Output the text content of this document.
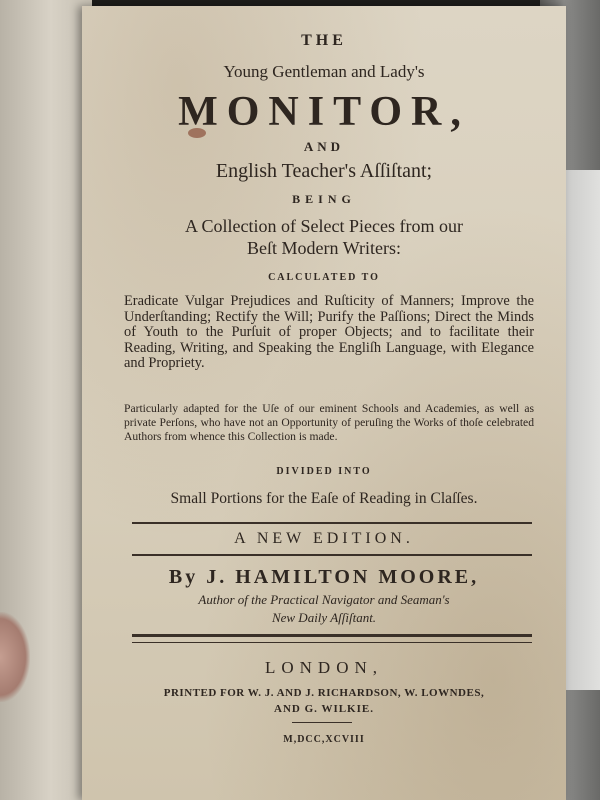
THE
Young Gentleman and Lady's
MONITOR,
AND
English Teacher's Aſſiſtant;
BEING
A Collection of Select Pieces from our
Beſt Modern Writers:
CALCULATED TO
Eradicate Vulgar Prejudices and Ruſticity of Manners; Improve the Underſtanding; Rectify the Will; Purify the Paſſions; Direct the Minds of Youth to the Purſuit of proper Objects; and to facilitate their Reading, Writing, and Speaking the Engliſh Language, with Elegance and Propriety.
Particularly adapted for the Uſe of our eminent Schools and Academies, as well as private Perſons, who have not an Opportunity of peruſing the Works of thoſe celebrated Authors from whence this Collection is made.
DIVIDED INTO
Small Portions for the Eaſe of Reading in Claſſes.
A NEW EDITION.
By J. HAMILTON MOORE,
Author of the Practical Navigator and Seaman's
New Daily Aſſiſtant.
LONDON,
PRINTED FOR W. J. AND J. RICHARDSON, W. LOWNDES,
AND G. WILKIE.
M,DCC,XCVIII
